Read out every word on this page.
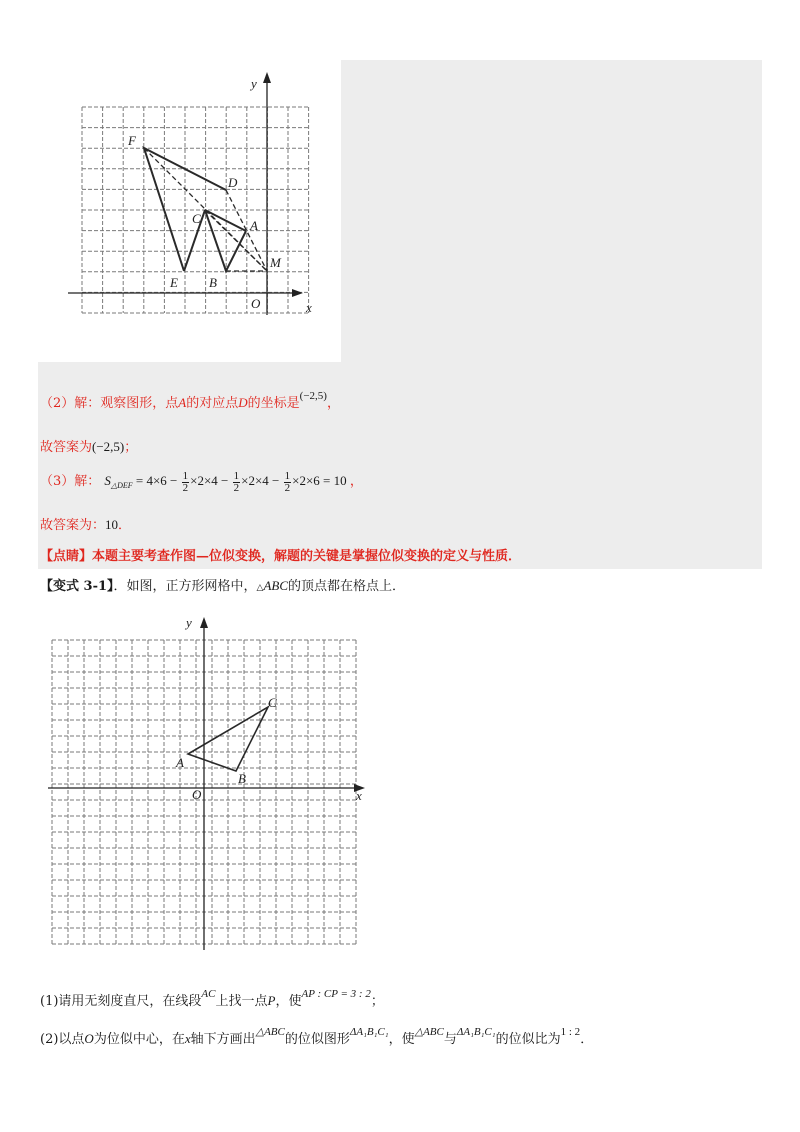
F
D
C	A
E B
M
O	x
y
（2）解：观察图形，点A的对应点D的坐标是$^{(-2,5)}$，
故答案为(−2,5)；
（3）解： $S_{\triangle DEF} = 4\times 6 - \frac{1}{2} \times 2\times 4 - \frac{1}{2} \times 2\times 4 - \frac{1}{2} \times 2\times 6 = 10$ ，
故答案为：10．
【点睛】本题主要考查作图—位似变换，解题的关键是掌握位似变换的定义与性质．
【变式 3-1】．如图，正方形网格中，△ABC的顶点都在格点上．
A
B
C
O	x
y
(1)请用无刻度直尺，在线段$^{AC}$上找一点P，使$^{AP : CP = 3 : 2}$；
(2)以点O为位似中心，在x轴下方画出$^{\triangle ABC}$的位似图形$^{\Delta A_1B_1C_1}$，使$^{\triangle ABC}$与$^{\Delta A_1B_1C_1}$的位似比为$^{1 : 2}$．
